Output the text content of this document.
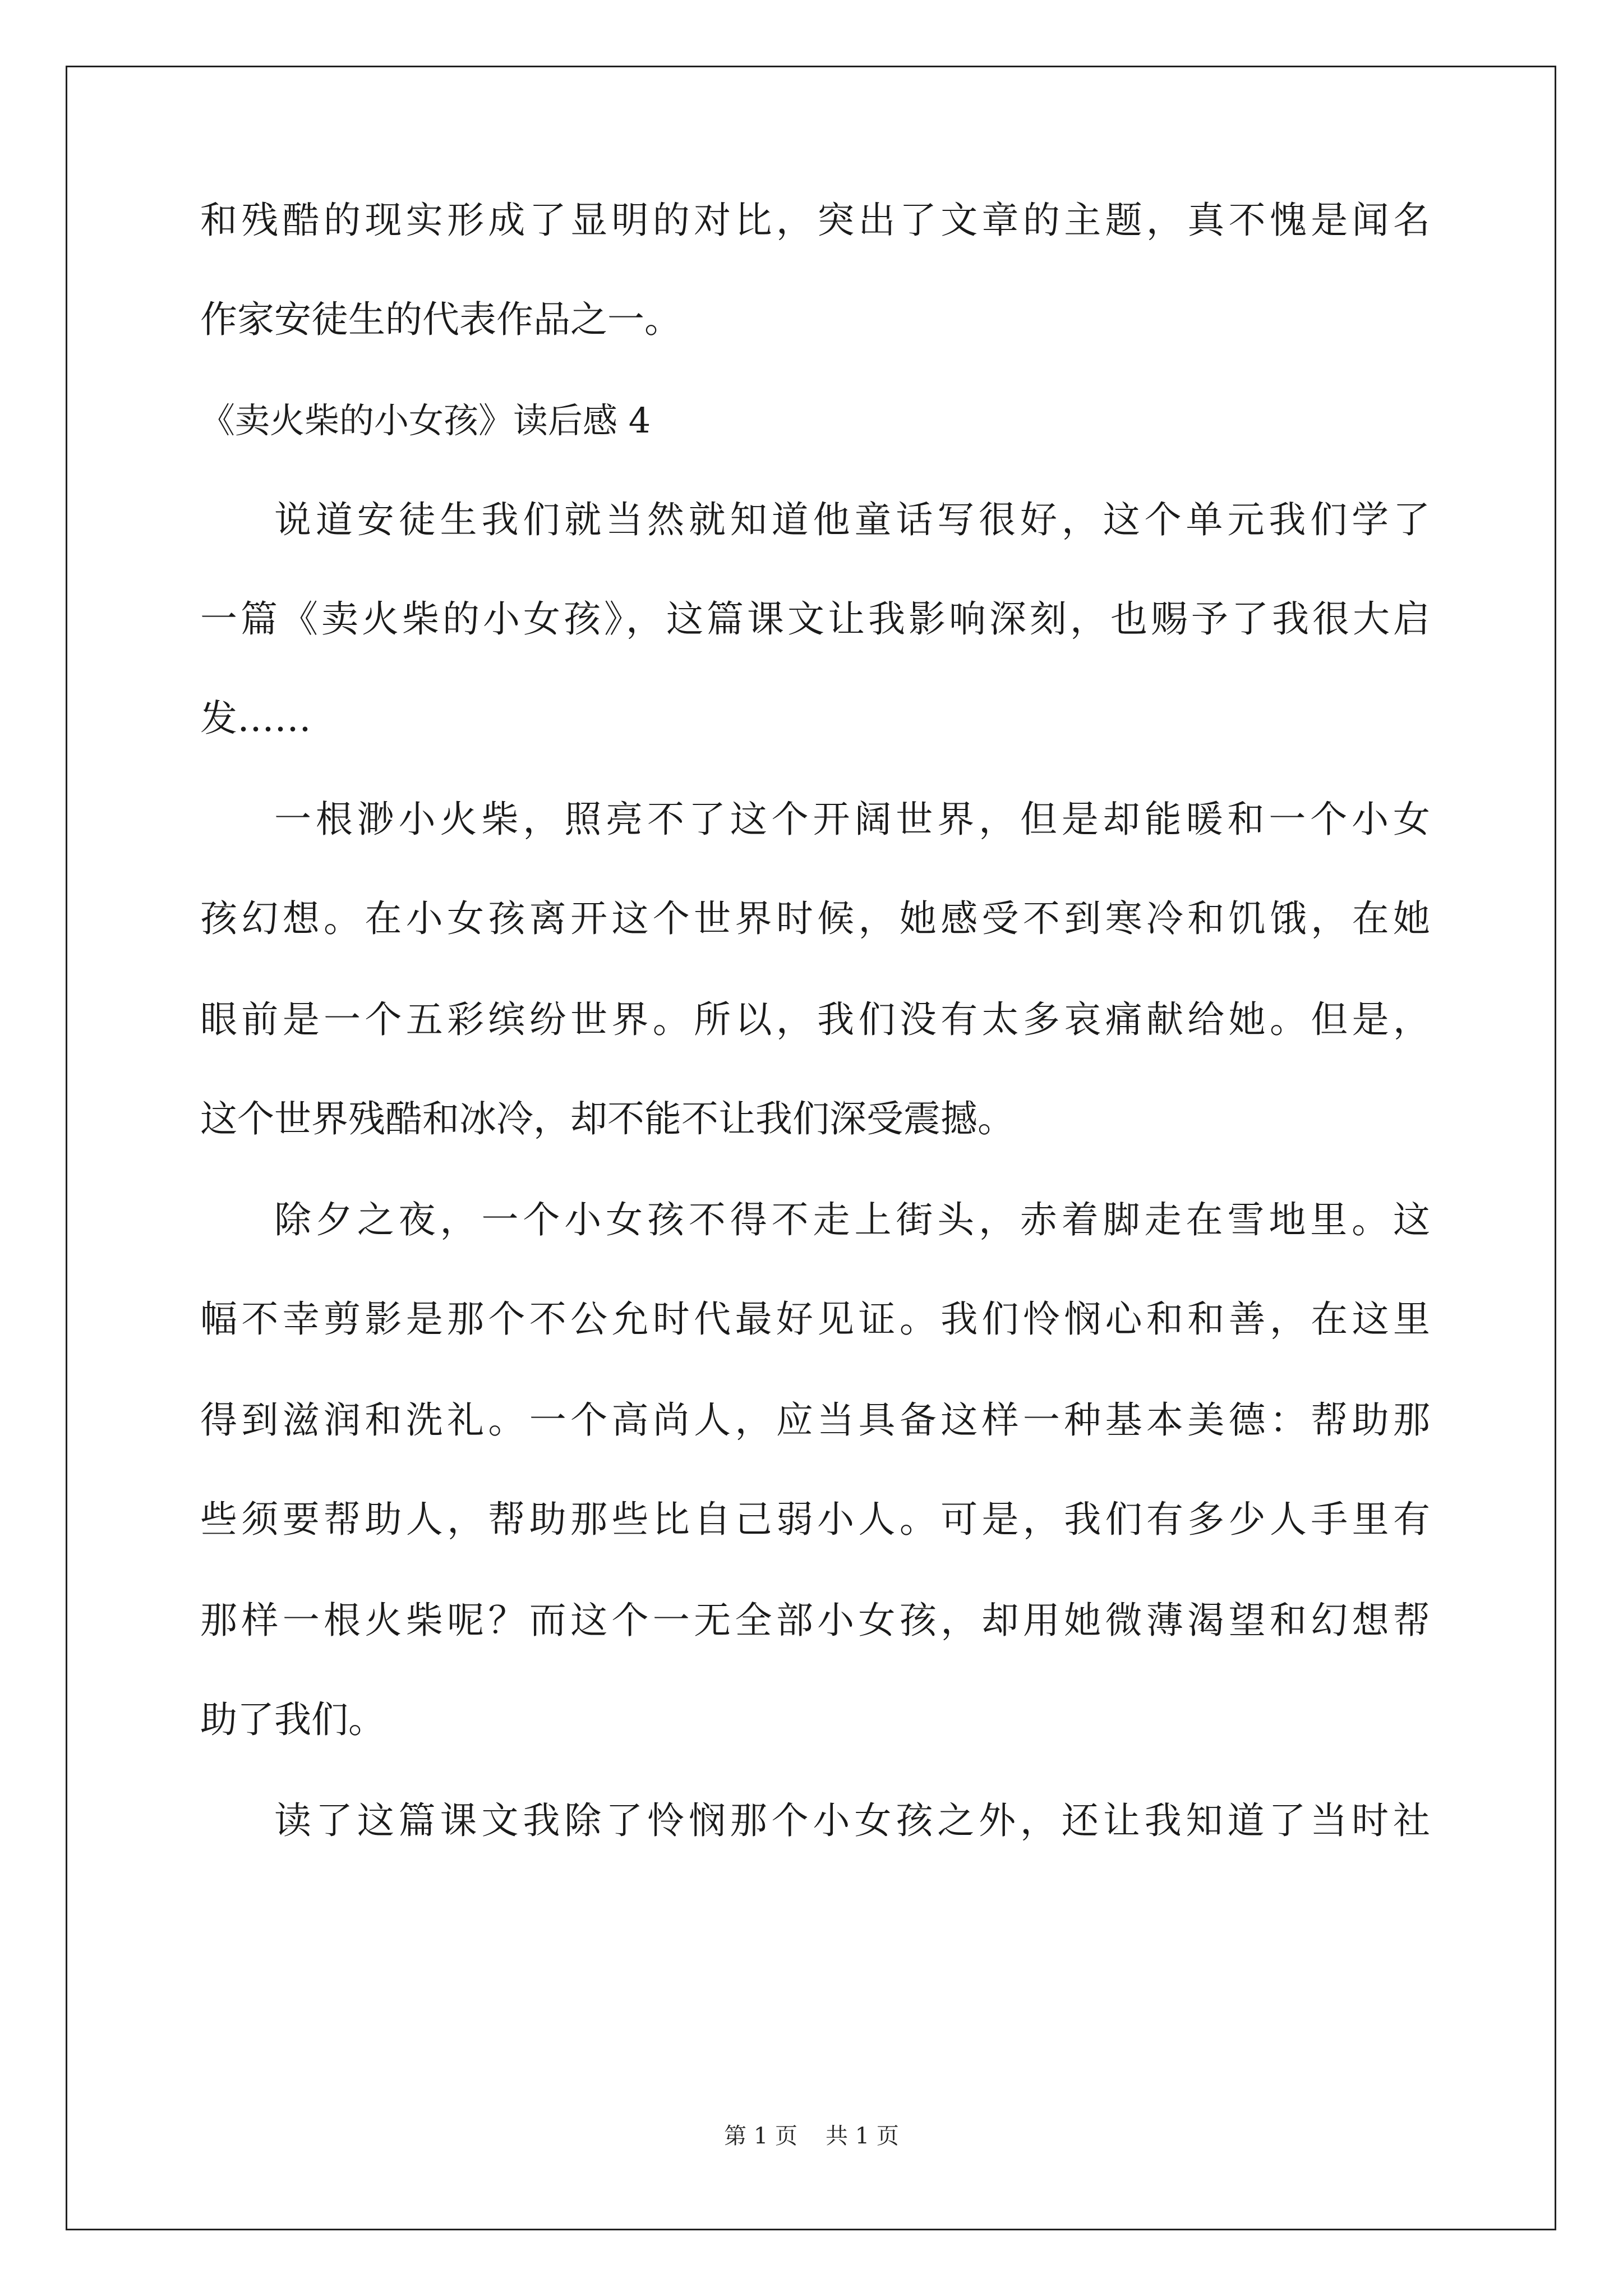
和残酷的现实形成了显明的对比，突出了文章的主题，真不愧是闻名

作家安徒生的代表作品之一。

《卖火柴的小女孩》读后感 4

说道安徒生我们就当然就知道他童话写很好，这个单元我们学了

一篇《卖火柴的小女孩》，这篇课文让我影响深刻，也赐予了我很大启

发……

一根渺小火柴，照亮不了这个开阔世界，但是却能暖和一个小女

孩幻想。在小女孩离开这个世界时候，她感受不到寒冷和饥饿，在她

眼前是一个五彩缤纷世界。所以，我们没有太多哀痛献给她。但是，

这个世界残酷和冰冷，却不能不让我们深受震撼。

除夕之夜，一个小女孩不得不走上街头，赤着脚走在雪地里。这

幅不幸剪影是那个不公允时代最好见证。我们怜悯心和和善，在这里

得到滋润和洗礼。一个高尚人，应当具备这样一种基本美德：帮助那

些须要帮助人，帮助那些比自己弱小人。可是，我们有多少人手里有

那样一根火柴呢？而这个一无全部小女孩，却用她微薄渴望和幻想帮

助了我们。

读了这篇课文我除了怜悯那个小女孩之外，还让我知道了当时社

第 1 页 共 1 页
